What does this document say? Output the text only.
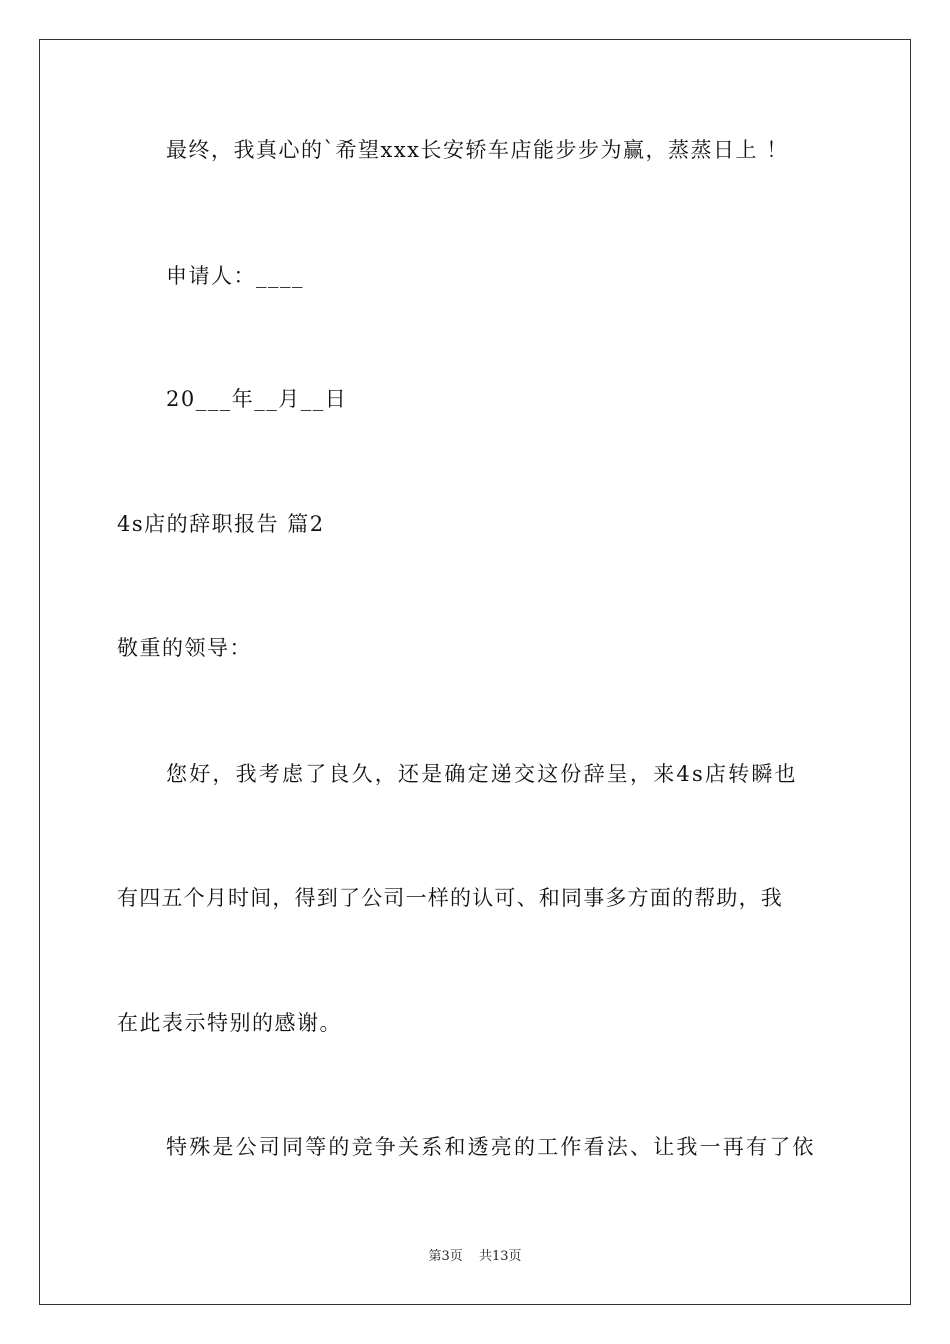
最终，我真心的`希望xxx长安轿车店能步步为赢，蒸蒸日上 ！
申请人：____
20___年__月__日
4s店的辞职报告 篇2
敬重的领导：
您好，我考虑了良久，还是确定递交这份辞呈，来4s店转瞬也
有四五个月时间，得到了公司一样的认可、和同事多方面的帮助，我
在此表示特别的感谢。
特殊是公司同等的竞争关系和透亮的工作看法、让我一再有了依
第3页 共13页
